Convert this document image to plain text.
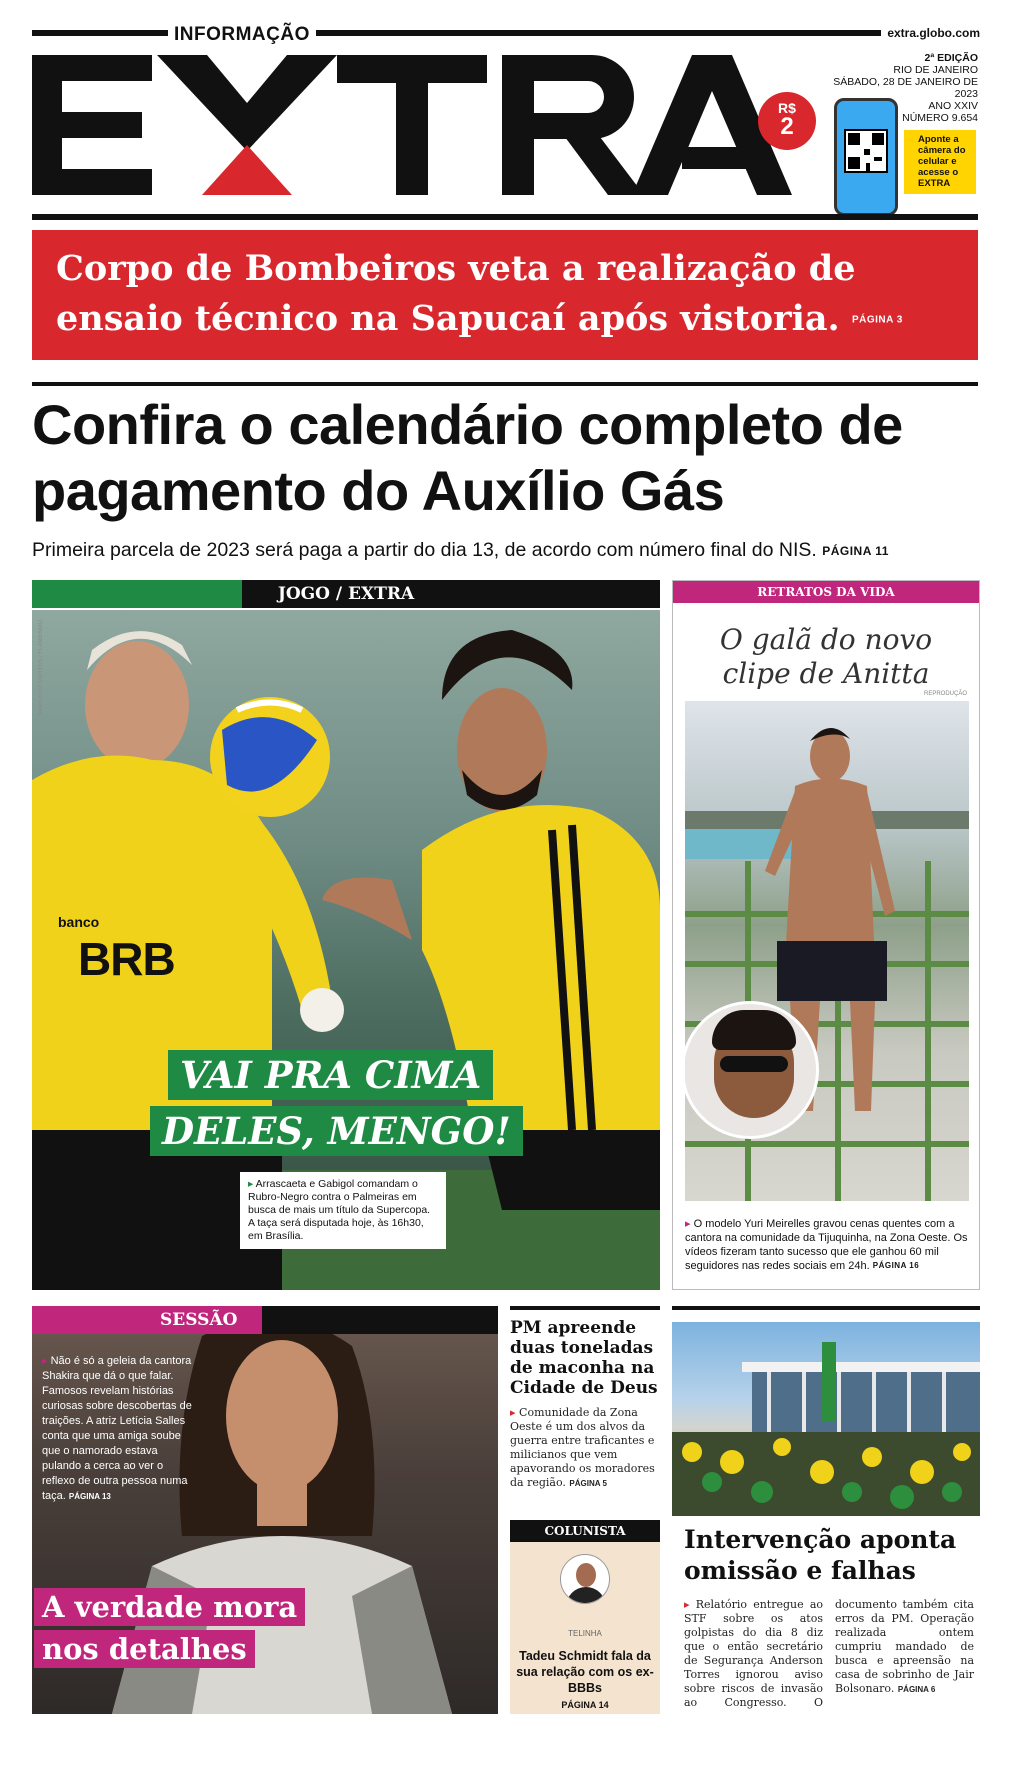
INFORMAÇÃO	extra.globo.com
2ª EDIÇÃO
RIO DE JANEIRO
SÁBADO, 28 DE JANEIRO DE 2023
ANO XXIV
NÚMERO 9.654
R$
2	Aponte a câmera do celular e acesse o EXTRA
Corpo de Bombeiros veta a realização de ensaio técnico na Sapucaí após vistoria. PÁGINA 3
Confira o calendário completo de pagamento do Auxílio Gás
Primeira parcela de 2023 será paga a partir do dia 13, de acordo com número final do NIS. PÁGINA 11
JOGO / EXTRA
banco
BRB
MARCELO CORTES / FLAMENGO
VAI PRA CIMA
DELES, MENGO!
▸ Arrascaeta e Gabigol comandam o Rubro-Negro contra o Palmeiras em busca de mais um título da Supercopa. A taça será disputada hoje, às 16h30, em Brasília.
RETRATOS DA VIDA
O galã do novo
clipe de Anitta
REPRODUÇÃO
▸ O modelo Yuri Meirelles gravou cenas quentes com a cantora na comunidade da Tijuquinha, na Zona Oeste. Os vídeos fizeram tanto sucesso que ele ganhou 60 mil seguidores nas redes sociais em 24h. PÁGINA 16
SESSÃO
▸ Não é só a geleia da cantora Shakira que dá o que falar. Famosos revelam histórias curiosas sobre descobertas de traições. A atriz Letícia Salles conta que uma amiga soube que o namorado estava pulando a cerca ao ver o reflexo de outra pessoa numa taça. PÁGINA 13
A verdade mora
nos detalhes
PM apreende duas toneladas de maconha na Cidade de Deus

▸ Comunidade da Zona Oeste é um dos alvos da guerra entre traficantes e milicianos que vem apavorando os moradores da região. PÁGINA 5

COLUNISTA
TELINHA
Tadeu Schmidt fala da sua relação com os ex-BBBs
PÁGINA 14
Intervenção aponta omissão e falhas
▸ Relatório entregue ao STF sobre os atos golpistas do dia 8 diz que o então secretário de Segurança Anderson Torres ignorou aviso sobre riscos de invasão ao Congresso. O documento também cita erros da PM. Operação realizada ontem cumpriu mandado de busca e apreensão na casa de sobrinho de Jair Bolsonaro. PÁGINA 6
